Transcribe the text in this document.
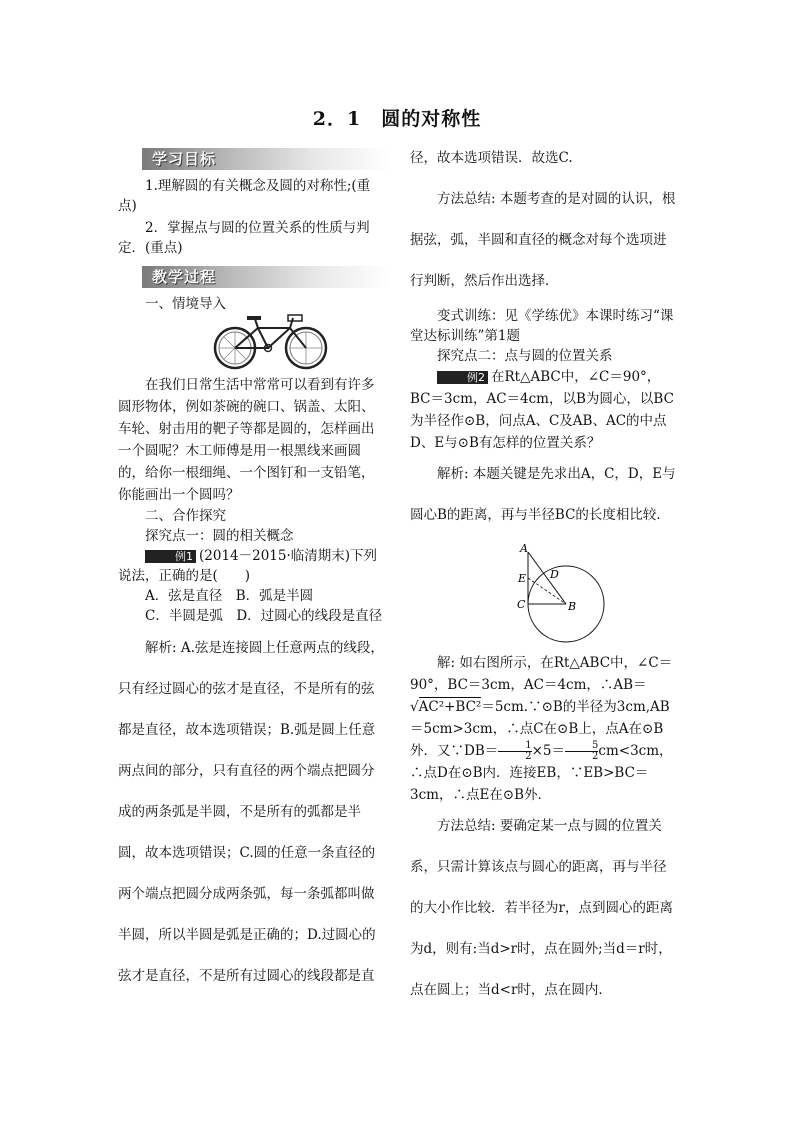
2．1　圆的对称性
学习目标

1.理解圆的有关概念及圆的对称性;(重点)

2．掌握点与圆的位置关系的性质与判定．(重点)

教学过程

一、情境导入

在我们日常生活中常常可以看到有许多圆形物体，例如茶碗的碗口、锅盖、太阳、车轮、射击用的靶子等都是圆的，怎样画出一个圆呢？木工师傅是用一根黑线来画圆的，给你一根细绳、一个图钉和一支铅笔，你能画出一个圆吗？

二、合作探究

探究点一：圆的相关概念

例1 (2014－2015·临清期末)下列说法，正确的是(　　)

A．弦是直径　B．弧是半圆

C．半圆是弧　D．过圆心的线段是直径

解析: A.弦是连接圆上任意两点的线段，只有经过圆心的弦才是直径，不是所有的弦都是直径，故本选项错误；B.弧是圆上任意两点间的部分，只有直径的两个端点把圆分成的两条弧是半圆，不是所有的弧都是半圆，故本选项错误；C.圆的任意一条直径的两个端点把圆分成两条弧，每一条弧都叫做半圆，所以半圆是弧是正确的；D.过圆心的弦才是直径，不是所有过圆心的线段都是直

径，故本选项错误．故选C.

方法总结: 本题考查的是对圆的认识，根据弦，弧，半圆和直径的概念对每个选项进行判断，然后作出选择．

变式训练：见《学练优》本课时练习“课堂达标训练”第1题

探究点二：点与圆的位置关系

例2 在Rt△ABC中，∠C＝90°，BC＝3cm，AC＝4cm，以B为圆心，以BC为半径作⊙B，问点A、C及AB、AC的中点D、E与⊙B有怎样的位置关系？

解析: 本题关键是先求出A，C，D，E与圆心B的距离，再与半径BC的长度相比较．

A
E D
C	B

解: 如右图所示，在Rt△ABC中，∠C＝90°，BC＝3cm，AC＝4cm，∴AB＝ √AC²+BC²＝5cm.∵⊙B的半径为3cm,AB＝5cm>3cm，∴点C在⊙B上，点A在⊙B外．又∵DB＝ $\frac{1}{2} \times 5= \frac{5}{2} cm<3cm$，∴点D在⊙B内．连接EB，∵EB>BC＝3cm，∴点E在⊙B外．

方法总结: 要确定某一点与圆的位置关系，只需计算该点与圆心的距离，再与半径的大小作比较．若半径为r，点到圆心的距离为d，则有:当d>r时，点在圆外;当d＝r时，点在圆上；当d<r时，点在圆内．
